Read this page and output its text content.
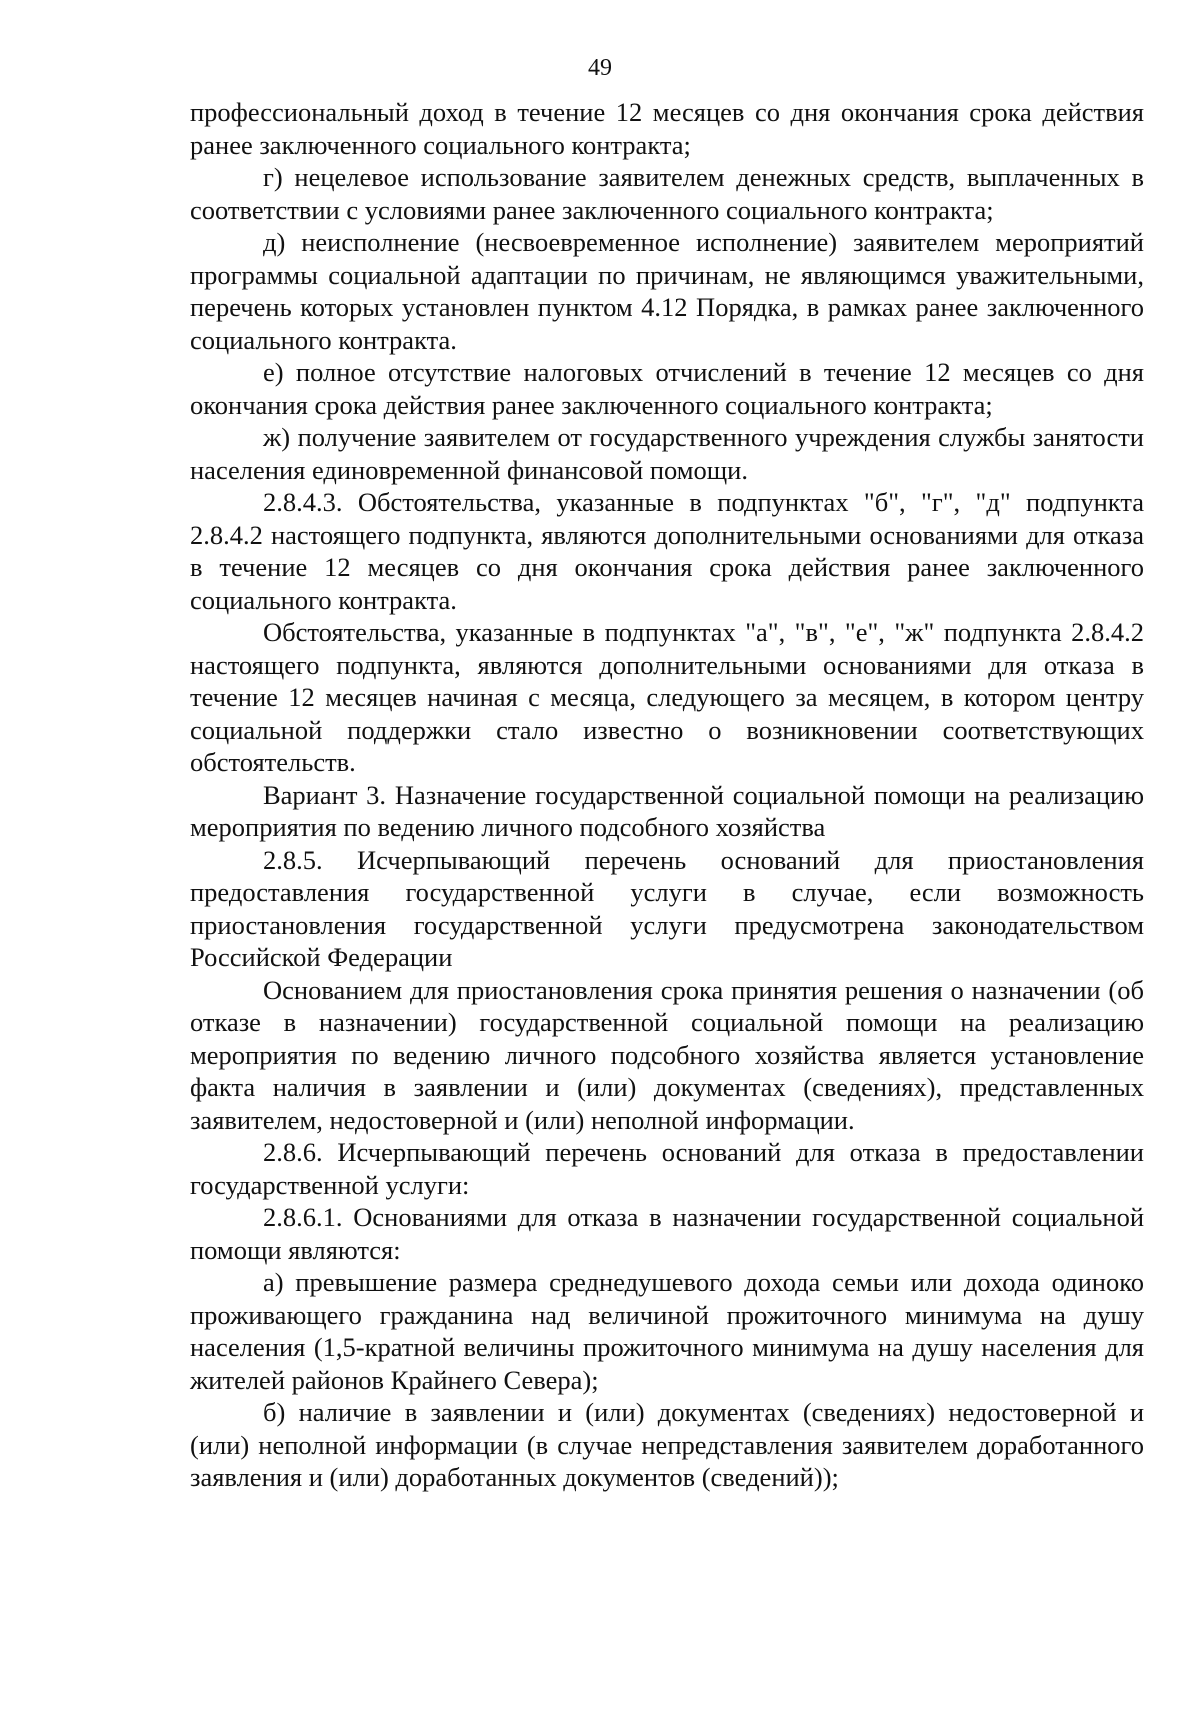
49

профессиональный доход в течение 12 месяцев со дня окончания срока действия ранее заключенного социального контракта;

г) нецелевое использование заявителем денежных средств, выплаченных в соответствии с условиями ранее заключенного социального контракта;

д) неисполнение (несвоевременное исполнение) заявителем мероприятий программы социальной адаптации по причинам, не являющимся уважительными, перечень которых установлен пунктом 4.12 Порядка, в рамках ранее заключенного социального контракта.

е) полное отсутствие налоговых отчислений в течение 12 месяцев со дня окончания срока действия ранее заключенного социального контракта;

ж) получение заявителем от государственного учреждения службы занятости населения единовременной финансовой помощи.

2.8.4.3. Обстоятельства, указанные в подпунктах "б", "г", "д" подпункта 2.8.4.2 настоящего подпункта, являются дополнительными основаниями для отказа в течение 12 месяцев со дня окончания срока действия ранее заключенного социального контракта.

Обстоятельства, указанные в подпунктах "а", "в", "е", "ж" подпункта 2.8.4.2 настоящего подпункта, являются дополнительными основаниями для отказа в течение 12 месяцев начиная с месяца, следующего за месяцем, в котором центру социальной поддержки стало известно о возникновении соответствующих обстоятельств.

Вариант 3. Назначение государственной социальной помощи на реализацию мероприятия по ведению личного подсобного хозяйства

2.8.5. Исчерпывающий перечень оснований для приостановления предоставления государственной услуги в случае, если возможность приостановления государственной услуги предусмотрена законодательством Российской Федерации

Основанием для приостановления срока принятия решения о назначении (об отказе в назначении) государственной социальной помощи на реализацию мероприятия по ведению личного подсобного хозяйства является установление факта наличия в заявлении и (или) документах (сведениях), представленных заявителем, недостоверной и (или) неполной информации.

2.8.6. Исчерпывающий перечень оснований для отказа в предоставлении государственной услуги:

2.8.6.1. Основаниями для отказа в назначении государственной социальной помощи являются:

а) превышение размера среднедушевого дохода семьи или дохода одиноко проживающего гражданина над величиной прожиточного минимума на душу населения (1,5-кратной величины прожиточного минимума на душу населения для жителей районов Крайнего Севера);

б) наличие в заявлении и (или) документах (сведениях) недостоверной и (или) неполной информации (в случае непредставления заявителем доработанного заявления и (или) доработанных документов (сведений));
